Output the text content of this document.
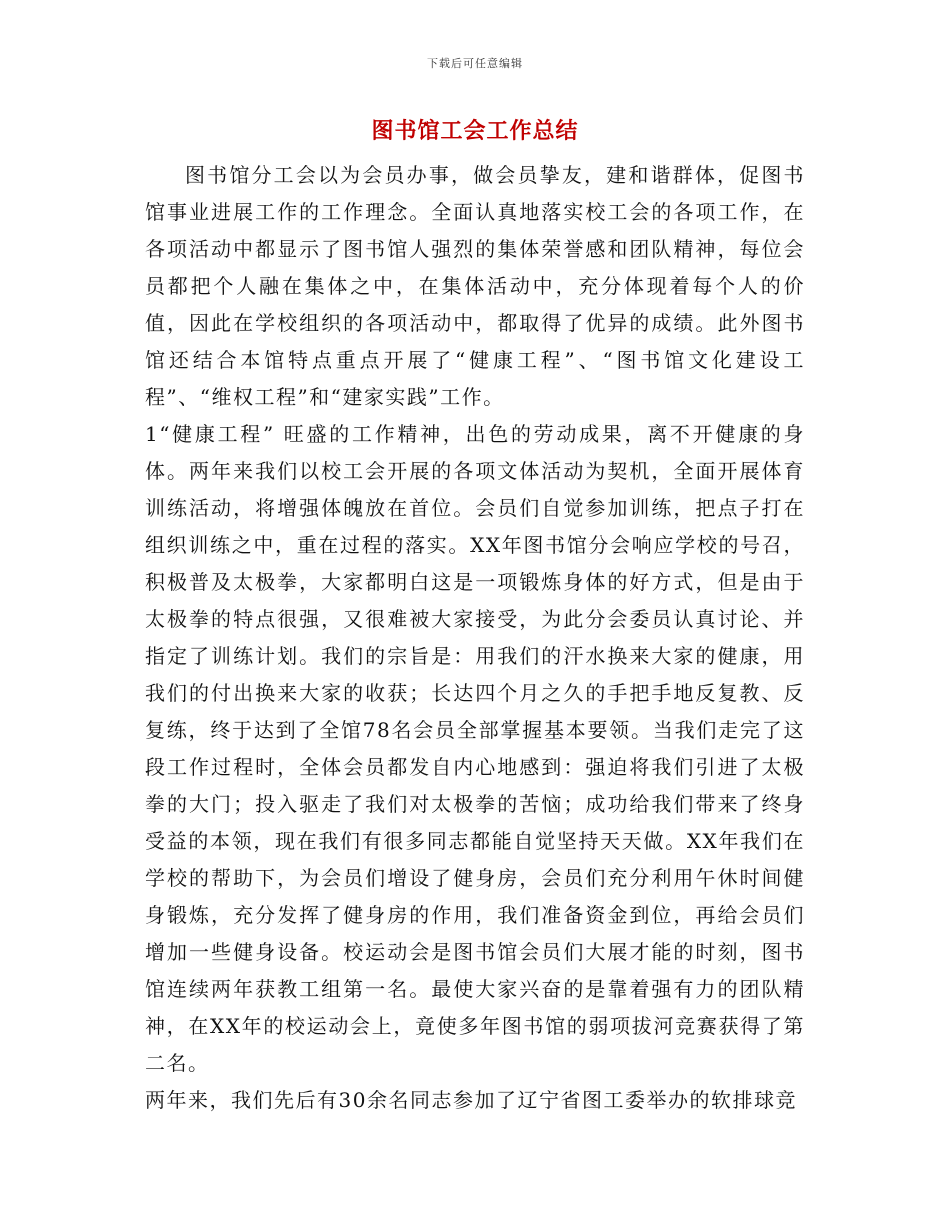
下载后可任意编辑
图书馆工会工作总结

图书馆分工会以为会员办事，做会员挚友，建和谐群体，促图书馆事业进展工作的工作理念。全面认真地落实校工会的各项工作，在各项活动中都显示了图书馆人强烈的集体荣誉感和团队精神，每位会员都把个人融在集体之中，在集体活动中，充分体现着每个人的价值，因此在学校组织的各项活动中，都取得了优异的成绩。此外图书馆还结合本馆特点重点开展了“健康工程”、“图书馆文化建设工程”、“维权工程”和“建家实践”工作。

1“健康工程” 旺盛的工作精神，出色的劳动成果，离不开健康的身体。两年来我们以校工会开展的各项文体活动为契机，全面开展体育训练活动，将增强体魄放在首位。会员们自觉参加训练，把点子打在组织训练之中，重在过程的落实。XX年图书馆分会响应学校的号召，积极普及太极拳，大家都明白这是一项锻炼身体的好方式，但是由于太极拳的特点很强，又很难被大家接受，为此分会委员认真讨论、并指定了训练计划。我们的宗旨是：用我们的汗水换来大家的健康，用我们的付出换来大家的收获；长达四个月之久的手把手地反复教、反复练，终于达到了全馆78名会员全部掌握基本要领。当我们走完了这段工作过程时，全体会员都发自内心地感到：强迫将我们引进了太极拳的大门；投入驱走了我们对太极拳的苦恼；成功给我们带来了终身受益的本领，现在我们有很多同志都能自觉坚持天天做。XX年我们在学校的帮助下，为会员们增设了健身房，会员们充分利用午休时间健身锻炼，充分发挥了健身房的作用，我们准备资金到位，再给会员们增加一些健身设备。校运动会是图书馆会员们大展才能的时刻，图书馆连续两年获教工组第一名。最使大家兴奋的是靠着强有力的团队精神，在XX年的校运动会上，竟使多年图书馆的弱项拔河竞赛获得了第二名。

两年来，我们先后有30余名同志参加了辽宁省图工委举办的软排球竞
